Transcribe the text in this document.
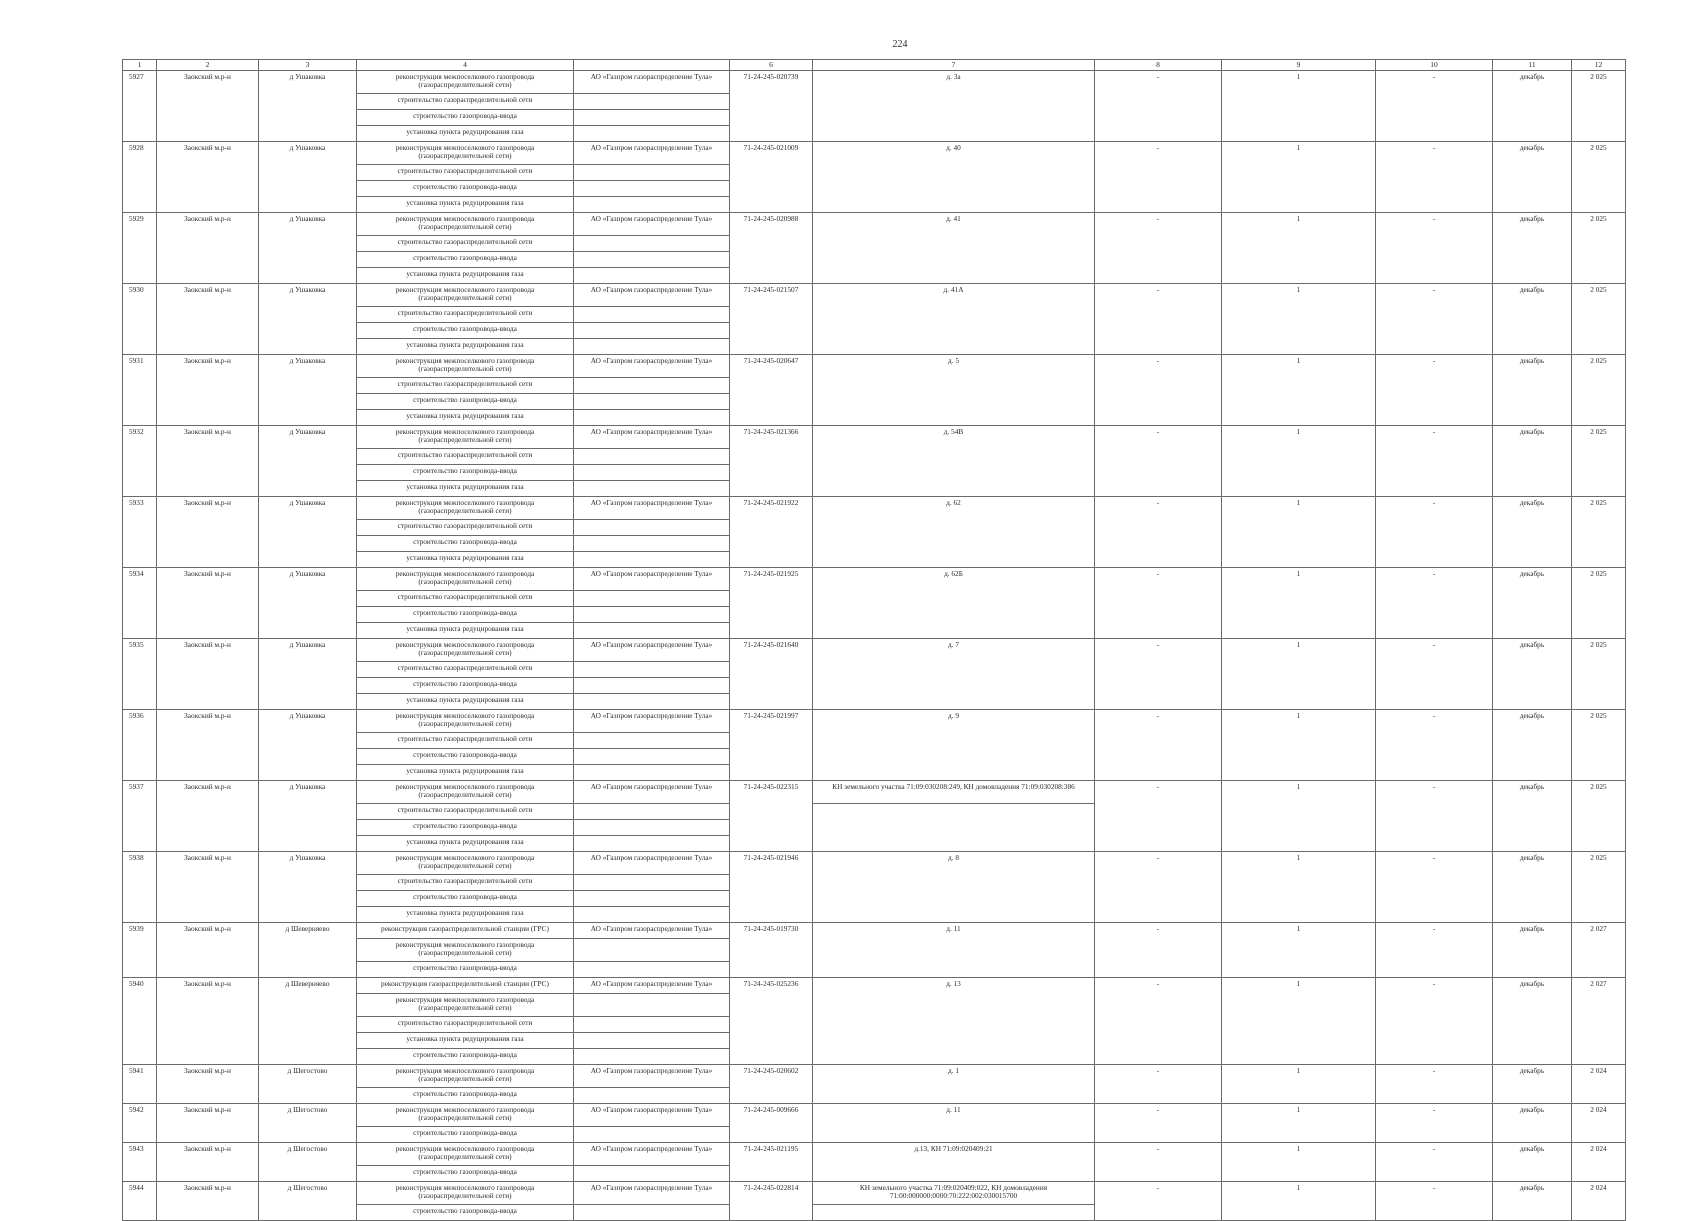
224
1	2	3	4		6	7	8	9	10	11	12
5927	Заокский м.р-н	д Ушаковка	реконструкция межпоселкового газопровода (газораспределительной сети)	АО «Газпром газораспределение Тула»	71-24-245-020739	д. 3а	-	1	-	декабрь	2 025
			строительство газораспределительной сети								
			строительство газопровода-ввода								
			установка пункта редуцирования газа								
5928	Заокский м.р-н	д Ушаковка	реконструкция межпоселкового газопровода (газораспределительной сети)	АО «Газпром газораспределение Тула»	71-24-245-021009	д. 40	-	1	-	декабрь	2 025
			строительство газораспределительной сети								
			строительство газопровода-ввода								
			установка пункта редуцирования газа								
5929	Заокский м.р-н	д Ушаковка	реконструкция межпоселкового газопровода (газораспределительной сети)	АО «Газпром газораспределение Тула»	71-24-245-020988	д. 41	-	1	-	декабрь	2 025
			строительство газораспределительной сети								
			строительство газопровода-ввода								
			установка пункта редуцирования газа								
5930	Заокский м.р-н	д Ушаковка	реконструкция межпоселкового газопровода (газораспределительной сети)	АО «Газпром газораспределение Тула»	71-24-245-021507	д. 41А	-	1	-	декабрь	2 025
			строительство газораспределительной сети								
			строительство газопровода-ввода								
			установка пункта редуцирования газа								
5931	Заокский м.р-н	д Ушаковка	реконструкция межпоселкового газопровода (газораспределительной сети)	АО «Газпром газораспределение Тула»	71-24-245-020647	д. 5	-	1	-	декабрь	2 025
			строительство газораспределительной сети								
			строительство газопровода-ввода								
			установка пункта редуцирования газа								
5932	Заокский м.р-н	д Ушаковка	реконструкция межпоселкового газопровода (газораспределительной сети)	АО «Газпром газораспределение Тула»	71-24-245-021366	д. 54В	-	1	-	декабрь	2 025
			строительство газораспределительной сети								
			строительство газопровода-ввода								
			установка пункта редуцирования газа								
5933	Заокский м.р-н	д Ушаковка	реконструкция межпоселкового газопровода (газораспределительной сети)	АО «Газпром газораспределение Тула»	71-24-245-021922	д. 62	-	1	-	декабрь	2 025
			строительство газораспределительной сети								
			строительство газопровода-ввода								
			установка пункта редуцирования газа								
5934	Заокский м.р-н	д Ушаковка	реконструкция межпоселкового газопровода (газораспределительной сети)	АО «Газпром газораспределение Тула»	71-24-245-021925	д. 62Б	-	1	-	декабрь	2 025
			строительство газораспределительной сети								
			строительство газопровода-ввода								
			установка пункта редуцирования газа								
5935	Заокский м.р-н	д Ушаковка	реконструкция межпоселкового газопровода (газораспределительной сети)	АО «Газпром газораспределение Тула»	71-24-245-021640	д. 7	-	1	-	декабрь	2 025
			строительство газораспределительной сети								
			строительство газопровода-ввода								
			установка пункта редуцирования газа								
5936	Заокский м.р-н	д Ушаковка	реконструкция межпоселкового газопровода (газораспределительной сети)	АО «Газпром газораспределение Тула»	71-24-245-021997	д. 9	-	1	-	декабрь	2 025
			строительство газораспределительной сети								
			строительство газопровода-ввода								
			установка пункта редуцирования газа								
5937	Заокский м.р-н	д Ушаковка	реконструкция межпоселкового газопровода (газораспределительной сети)	АО «Газпром газораспределение Тула»	71-24-245-022315	КН земельного участка 71:09:030208:249, КН домовладения 71:09:030208:386	-	1	-	декабрь	2 025
			строительство газораспределительной сети								
			строительство газопровода-ввода								
			установка пункта редуцирования газа								
5938	Заокский м.р-н	д Ушаковка	реконструкция межпоселкового газопровода (газораспределительной сети)	АО «Газпром газораспределение Тула»	71-24-245-021946	д. 8	-	1	-	декабрь	2 025
			строительство газораспределительной сети								
			строительство газопровода-ввода								
			установка пункта редуцирования газа								
5939	Заокский м.р-н	д Шеверняево	реконструкция газораспределительной станции (ГРС)	АО «Газпром газораспределение Тула»	71-24-245-019730	д. 11	-	1	-	декабрь	2 027
			реконструкция межпоселкового газопровода (газораспределительной сети)								
			строительство газопровода-ввода								
5940	Заокский м.р-н	д Шеверняево	реконструкция газораспределительной станции (ГРС)	АО «Газпром газораспределение Тула»	71-24-245-025236	д. 13	-	1	-	декабрь	2 027
			реконструкция межпоселкового газопровода (газораспределительной сети)								
			строительство газораспределительной сети								
			установка пункта редуцирования газа								
			строительство газопровода-ввода								
5941	Заокский м.р-н	д Шегостово	реконструкция межпоселкового газопровода (газораспределительной сети)	АО «Газпром газораспределение Тула»	71-24-245-020602	д. 1	-	1	-	декабрь	2 024
			строительство газопровода-ввода								
5942	Заокский м.р-н	д Шегостово	реконструкция межпоселкового газопровода (газораспределительной сети)	АО «Газпром газораспределение Тула»	71-24-245-009666	д. 11	-	1	-	декабрь	2 024
			строительство газопровода-ввода								
5943	Заокский м.р-н	д Шегостово	реконструкция межпоселкового газопровода (газораспределительной сети)	АО «Газпром газораспределение Тула»	71-24-245-021195	д.13, КН 71:09:020409:21	-	1	-	декабрь	2 024
			строительство газопровода-ввода								
5944	Заокский м.р-н	д Шегостово	реконструкция межпоселкового газопровода (газораспределительной сети)	АО «Газпром газораспределение Тула»	71-24-245-022814	КН земельного участка 71:09:020409:022, КН домовладения 71:00:000000:0000:70:222:002:030015700	-	1	-	декабрь	2 024
			строительство газопровода-ввода								
